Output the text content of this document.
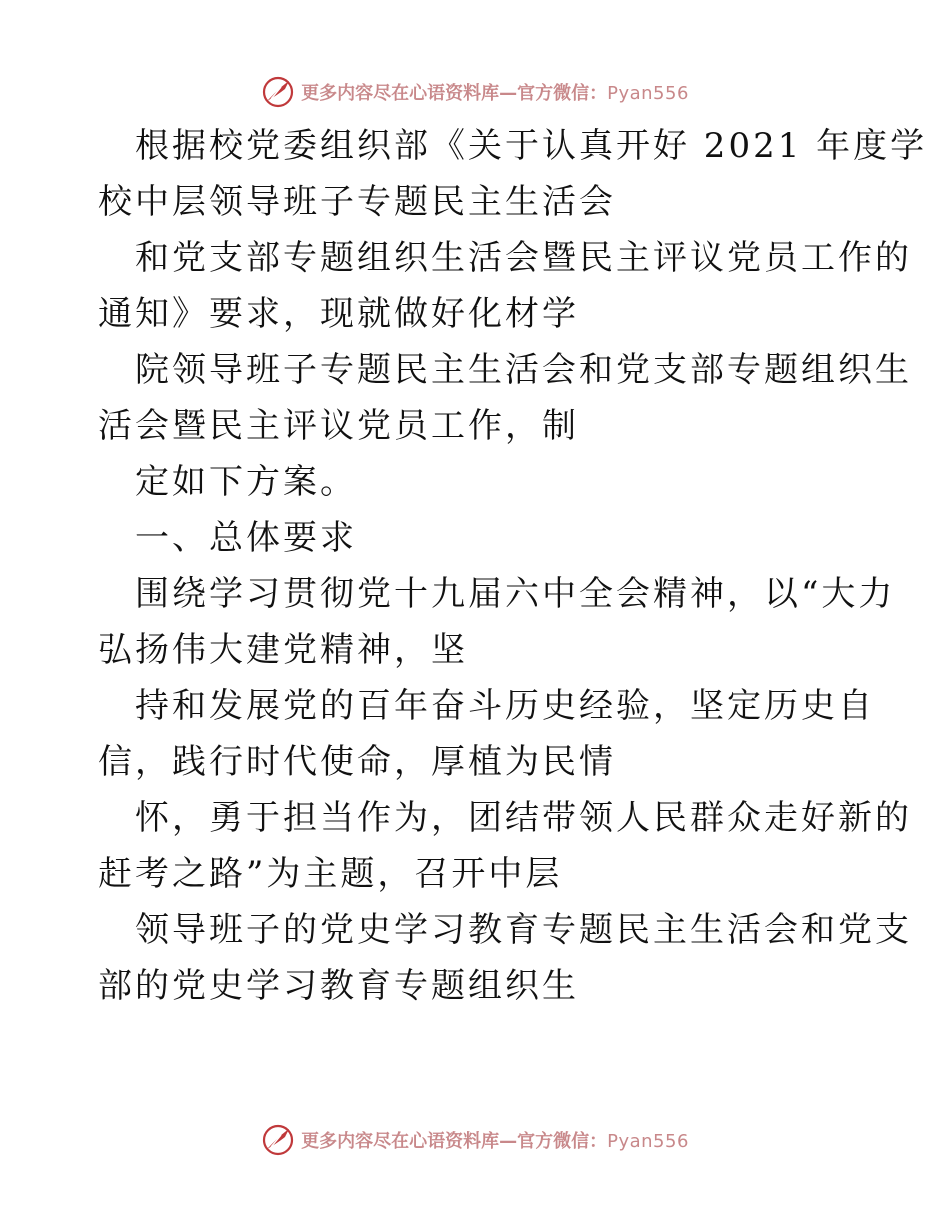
更多内容尽在心语资料库—官方微信：Pyan556
根据校党委组织部《关于认真开好 2021 年度学
校中层领导班子专题民主生活会
和党支部专题组织生活会暨民主评议党员工作的
通知》要求，现就做好化材学
院领导班子专题民主生活会和党支部专题组织生
活会暨民主评议党员工作，制
定如下方案。
一、总体要求
围绕学习贯彻党十九届六中全会精神，以“大力
弘扬伟大建党精神，坚
持和发展党的百年奋斗历史经验，坚定历史自
信，践行时代使命，厚植为民情
怀，勇于担当作为，团结带领人民群众走好新的
赶考之路”为主题，召开中层
领导班子的党史学习教育专题民主生活会和党支
部的党史学习教育专题组织生
更多内容尽在心语资料库—官方微信：Pyan556
